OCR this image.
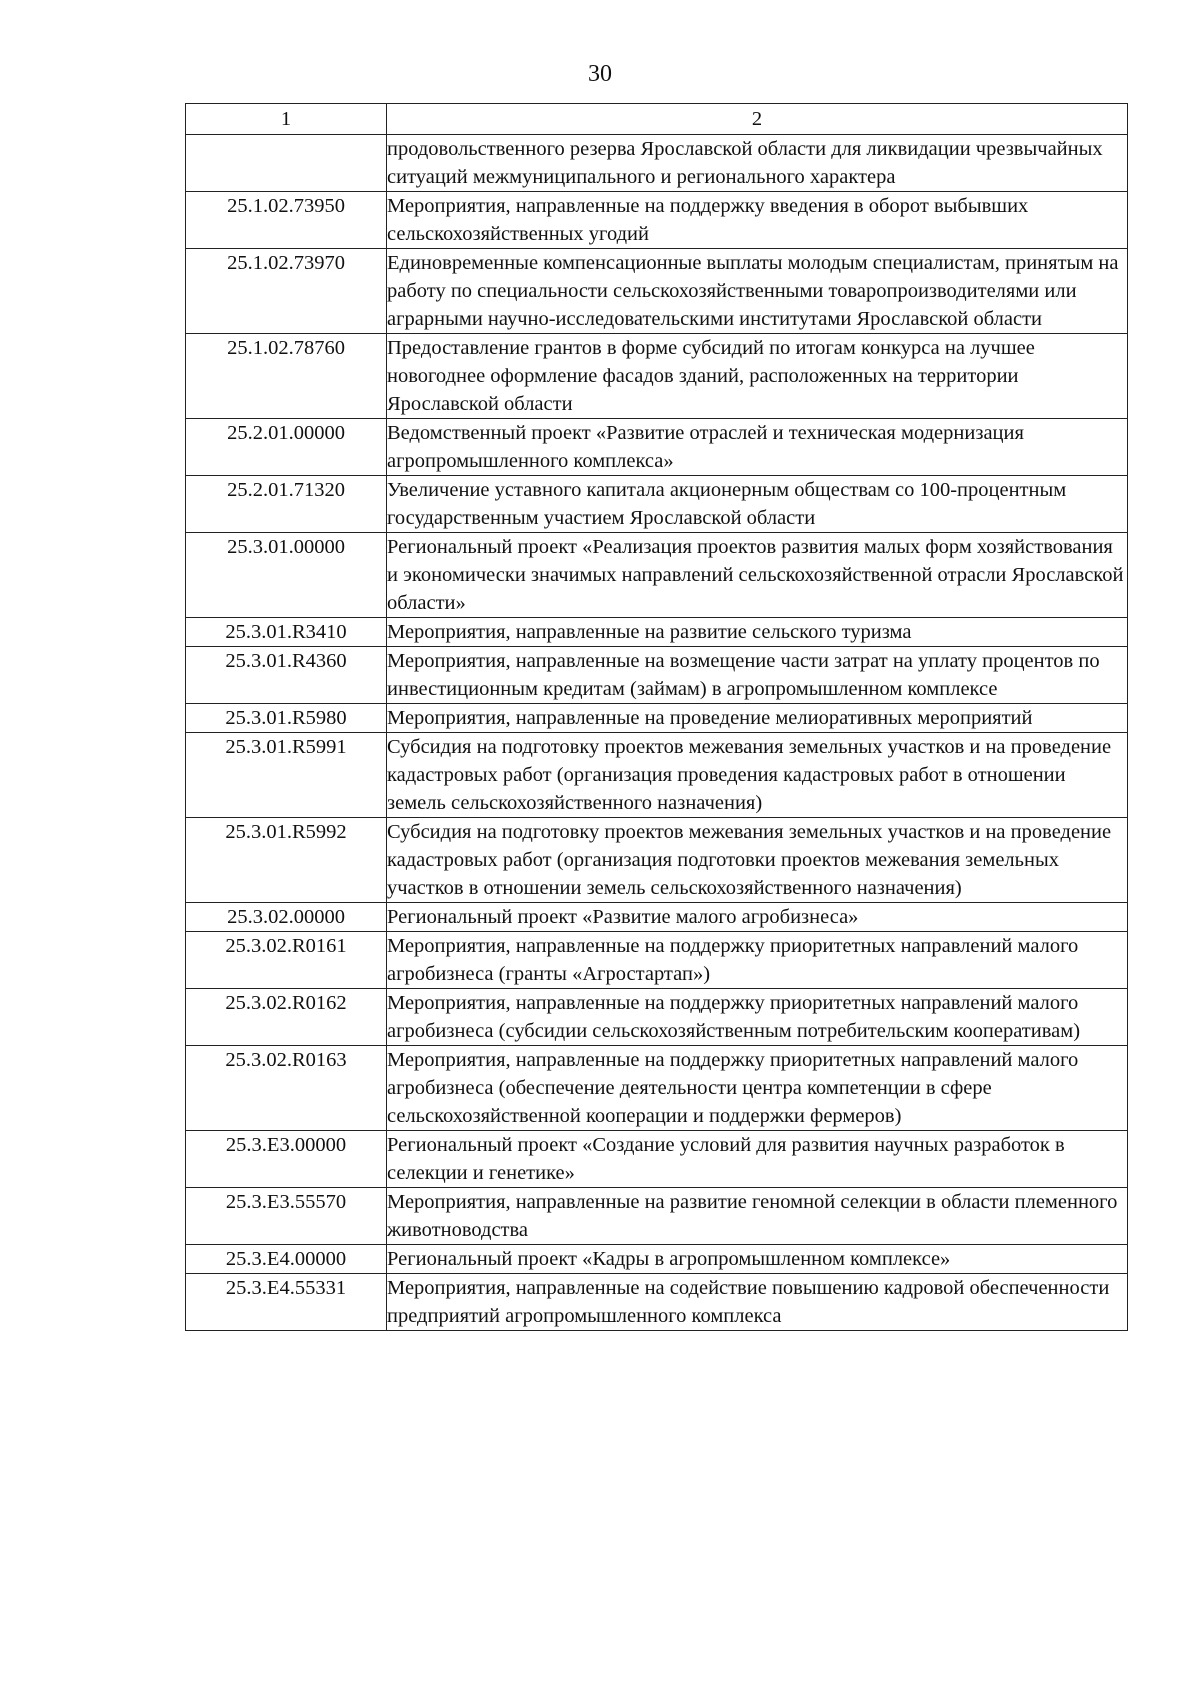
30
1	2
	продовольственного резерва Ярославской области для ликвидации чрезвычайных ситуаций межмуниципального и регионального характера
25.1.02.73950	Мероприятия, направленные на поддержку введения в оборот выбывших сельскохозяйственных угодий
25.1.02.73970	Единовременные компенсационные выплаты молодым специалистам, принятым на работу по специальности сельскохозяйственными товаропроизводителями или аграрными научно-исследовательскими институтами Ярославской области
25.1.02.78760	Предоставление грантов в форме субсидий по итогам конкурса на лучшее новогоднее оформление фасадов зданий, расположенных на территории Ярославской области
25.2.01.00000	Ведомственный проект «Развитие отраслей и техническая модернизация агропромышленного комплекса»
25.2.01.71320	Увеличение уставного капитала акционерным обществам со 100-процентным государственным участием Ярославской области
25.3.01.00000	Региональный проект «Реализация проектов развития малых форм хозяйствования и экономически значимых направлений сельскохозяйственной отрасли Ярославской области»
25.3.01.R3410	Мероприятия, направленные на развитие сельского туризма
25.3.01.R4360	Мероприятия, направленные на возмещение части затрат на уплату процентов по инвестиционным кредитам (займам) в агропромышленном комплексе
25.3.01.R5980	Мероприятия, направленные на проведение мелиоративных мероприятий
25.3.01.R5991	Субсидия на подготовку проектов межевания земельных участков и на проведение кадастровых работ (организация проведения кадастровых работ в отношении земель сельскохозяйственного назначения)
25.3.01.R5992	Субсидия на подготовку проектов межевания земельных участков и на проведение кадастровых работ (организация подготовки проектов межевания земельных участков в отношении земель сельскохозяйственного назначения)
25.3.02.00000	Региональный проект «Развитие малого агробизнеса»
25.3.02.R0161	Мероприятия, направленные на поддержку приоритетных направлений малого агробизнеса (гранты «Агростартап»)
25.3.02.R0162	Мероприятия, направленные на поддержку приоритетных направлений малого агробизнеса (субсидии сельскохозяйственным потребительским кооперативам)
25.3.02.R0163	Мероприятия, направленные на поддержку приоритетных направлений малого агробизнеса (обеспечение деятельности центра компетенции в сфере сельскохозяйственной кооперации и поддержки фермеров)
25.3.E3.00000	Региональный проект «Создание условий для развития научных разработок в селекции и генетике»
25.3.E3.55570	Мероприятия, направленные на развитие геномной селекции в области племенного животноводства
25.3.E4.00000	Региональный проект «Кадры в агропромышленном комплексе»
25.3.E4.55331	Мероприятия, направленные на содействие повышению кадровой обеспеченности предприятий агропромышленного комплекса
